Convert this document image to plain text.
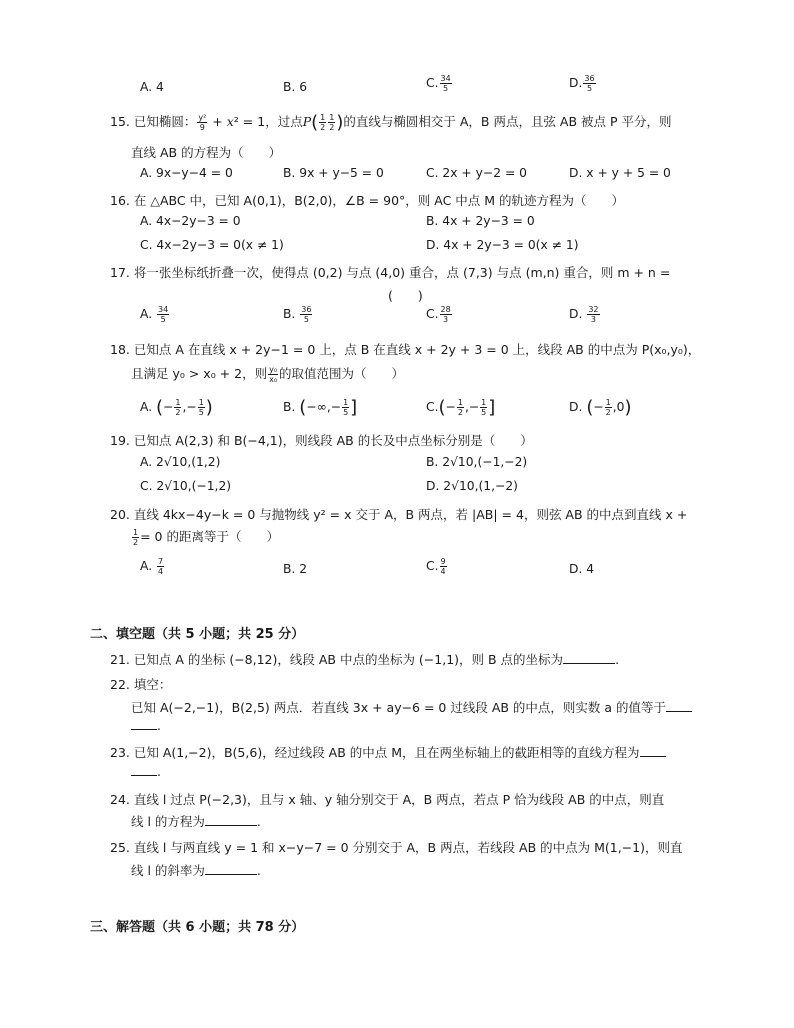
A. 4	B. 6	C. $\frac{34}{5}$	D. $\frac{36}{5}$
15. 已知椭圆： $\frac{\text{y²}}{9} + x^2 = 1$，过点$P( \frac{1}{2} \frac{1}{2}$ )的直线与椭圆相交于 A，B 两点，且弦 AB 被点 P 平分，则
直线 AB 的方程为（　　）
A. 9x−y−4 = 0	B. 9x + y−5 = 0	C. 2x + y−2 = 0	D. x + y + 5 = 0
16. 在 △ABC 中，已知 A(0,1)，B(2,0)，∠B = 90°，则 AC 中点 M 的轨迹方程为（　　）
A. 4x−2y−3 = 0	B. 4x + 2y−3 = 0
C. 4x−2y−3 = 0(x ≠ 1)	D. 4x + 2y−3 = 0(x ≠ 1)
17. 将一张坐标纸折叠一次，使得点 (0,2) 与点 (4,0) 重合，点 (7,3) 与点 (m,n) 重合，则 m + n =
(　　)
A. $\frac{34}{5}$	B. $\frac{36}{5}$	C. $\frac{28}{3}$	D. $\frac{32}{3}$
18. 已知点 A 在直线 x + 2y−1 = 0 上，点 B 在直线 x + 2y + 3 = 0 上，线段 AB 的中点为 P(x₀,y₀)，
且满足 y₀ > x₀ + 2，则 $\frac{\text{y₀}}{\text{x₀}}$ 的取值范围为（　　）
A. (− $\frac{1}{2}$ ,− $\frac{1}{5}$ )	B. (−∞,− $\frac{1}{5}$ ]	$C.(- \frac{1}{2}$ ,− $\frac{1}{5}$ ]	D. (− $\frac{1}{2} ,0$)
19. 已知点 A(2,3) 和 B(−4,1)，则线段 AB 的长及中点坐标分别是（　　）
A. 2√10,(1,2)	B. 2√10,(−1,−2)
C. 2√10,(−1,2)	D. 2√10,(1,−2)
20. 直线 4kx−4y−k = 0 与抛物线 y² = x 交于 A，B 两点，若 |AB| = 4，则弦 AB 的中点到直线 x +
$\frac{1}{2} = 0$ 的距离等于（　　）
A. $\frac{7}{4}$	B. 2	C. $\frac{9}{4}$	D. 4
二、填空题（共 5 小题；共 25 分）
21. 已知点 A 的坐标 (−8,12)，线段 AB 中点的坐标为 (−1,1)，则 B 点的坐标为	.
22. 填空：
已知 A(−2,−1)，B(2,5) 两点．若直线 3x + ay−6 = 0 过线段 AB 的中点，则实数 a 的值等于
.
23. 已知 A(1,−2)，B(5,6)，经过线段 AB 的中点 M，且在两坐标轴上的截距相等的直线方程为
.
24. 直线 l 过点 P(−2,3)，且与 x 轴、y 轴分别交于 A，B 两点，若点 P 恰为线段 AB 的中点，则直
线 l 的方程为	.
25. 直线 l 与两直线 y = 1 和 x−y−7 = 0 分别交于 A，B 两点，若线段 AB 的中点为 M(1,−1)，则直
线 l 的斜率为	.
三、解答题（共 6 小题；共 78 分）
